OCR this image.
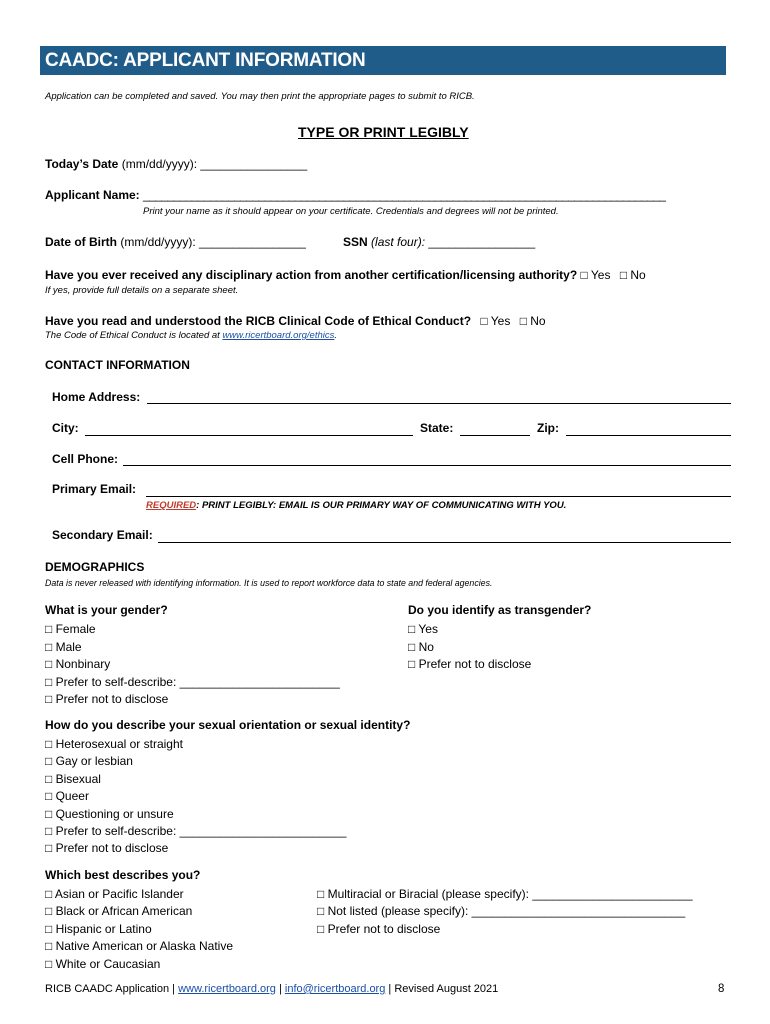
CAADC: APPLICANT INFORMATION
Application can be completed and saved. You may then print the appropriate pages to submit to RICB.
TYPE OR PRINT LEGIBLY
Today’s Date (mm/dd/yyyy): ________________
Applicant Name: ______________________________________________________________________________________
Print your name as it should appear on your certificate. Credentials and degrees will not be printed.
Date of Birth (mm/dd/yyyy): ________________	SSN (last four): ________________
Have you ever received any disciplinary action from another certification/licensing authority? □ Yes □ No
If yes, provide full details on a separate sheet.
Have you read and understood the RICB Clinical Code of Ethical Conduct? □ Yes □ No
The Code of Ethical Conduct is located at www.ricertboard.org/ethics.
CONTACT INFORMATION
Home Address:
City:	State:	Zip:
Cell Phone:
Primary Email:
REQUIRED: PRINT LEGIBLY: EMAIL IS OUR PRIMARY WAY OF COMMUNICATING WITH YOU.
Secondary Email:
DEMOGRAPHICS
Data is never released with identifying information. It is used to report workforce data to state and federal agencies.
What is your gender?
□ Female
□ Male
□ Nonbinary
□ Prefer to self-describe: ________________________
□ Prefer not to disclose
Do you identify as transgender?
□ Yes
□ No
□ Prefer not to disclose
How do you describe your sexual orientation or sexual identity?
□ Heterosexual or straight
□ Gay or lesbian
□ Bisexual
□ Queer
□ Questioning or unsure
□ Prefer to self-describe: _________________________
□ Prefer not to disclose
Which best describes you?
□ Asian or Pacific Islander
□ Black or African American
□ Hispanic or Latino
□ Native American or Alaska Native
□ White or Caucasian
□ Multiracial or Biracial (please specify): ________________________
□ Not listed (please specify): ________________________________
□ Prefer not to disclose
RICB CAADC Application | www.ricertboard.org | info@ricertboard.org | Revised August 2021	8
